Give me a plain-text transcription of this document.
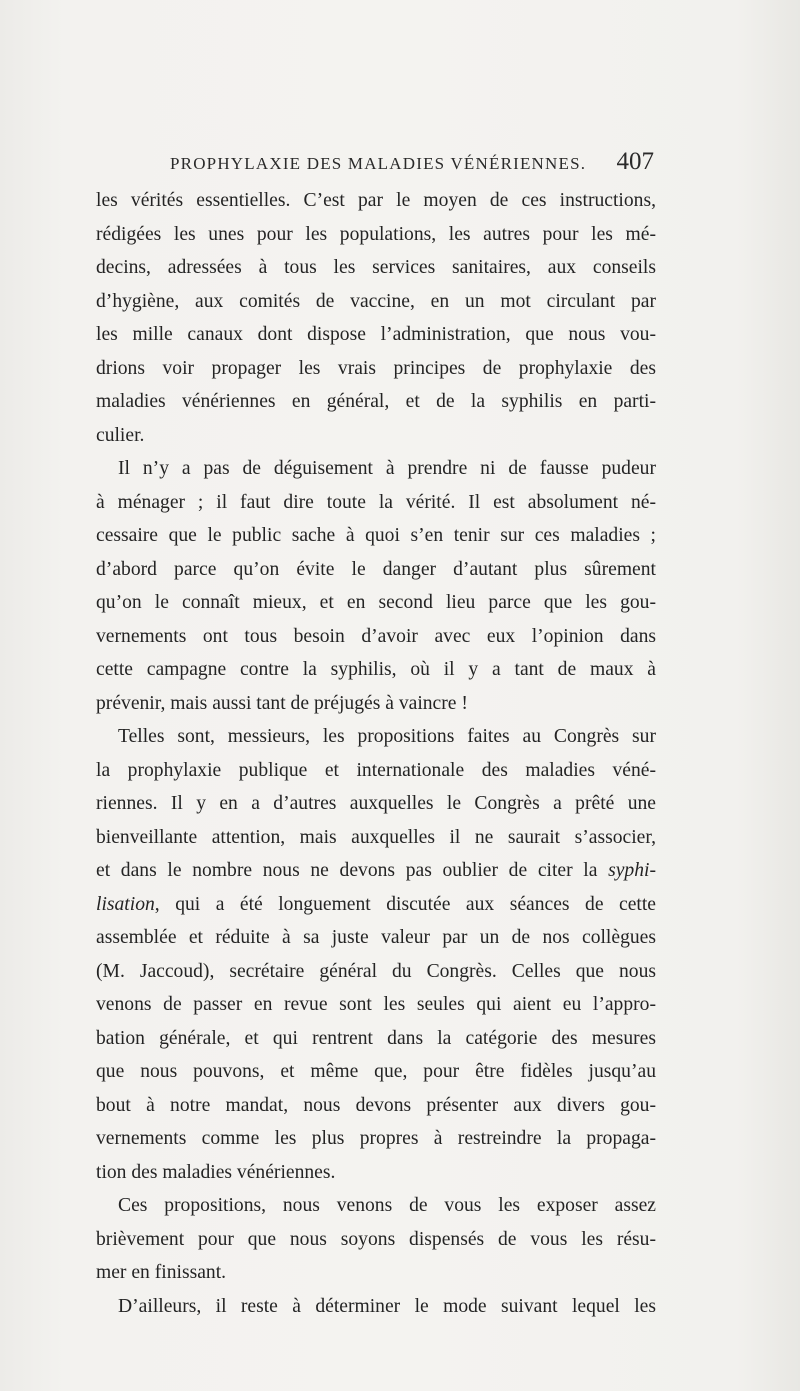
PROPHYLAXIE DES MALADIES VÉNÉRIENNES. 407
les vérités essentielles. C’est par le moyen de ces instructions,
rédigées les unes pour les populations, les autres pour les mé-
decins, adressées à tous les services sanitaires, aux conseils
d’hygiène, aux comités de vaccine, en un mot circulant par
les mille canaux dont dispose l’administration, que nous vou-
drions voir propager les vrais principes de prophylaxie des
maladies vénériennes en général, et de la syphilis en parti-
culier.
Il n’y a pas de déguisement à prendre ni de fausse pudeur
à ménager ; il faut dire toute la vérité. Il est absolument né-
cessaire que le public sache à quoi s’en tenir sur ces maladies ;
d’abord parce qu’on évite le danger d’autant plus sûrement
qu’on le connaît mieux, et en second lieu parce que les gou-
vernements ont tous besoin d’avoir avec eux l’opinion dans
cette campagne contre la syphilis, où il y a tant de maux à
prévenir, mais aussi tant de préjugés à vaincre !
Telles sont, messieurs, les propositions faites au Congrès sur
la prophylaxie publique et internationale des maladies véné-
riennes. Il y en a d’autres auxquelles le Congrès a prêté une
bienveillante attention, mais auxquelles il ne saurait s’associer,
et dans le nombre nous ne devons pas oublier de citer la syphi-
lisation, qui a été longuement discutée aux séances de cette
assemblée et réduite à sa juste valeur par un de nos collègues
(M. Jaccoud), secrétaire général du Congrès. Celles que nous
venons de passer en revue sont les seules qui aient eu l’appro-
bation générale, et qui rentrent dans la catégorie des mesures
que nous pouvons, et même que, pour être fidèles jusqu’au
bout à notre mandat, nous devons présenter aux divers gou-
vernements comme les plus propres à restreindre la propaga-
tion des maladies vénériennes.
Ces propositions, nous venons de vous les exposer assez
brièvement pour que nous soyons dispensés de vous les résu-
mer en finissant.
D’ailleurs, il reste à déterminer le mode suivant lequel les
